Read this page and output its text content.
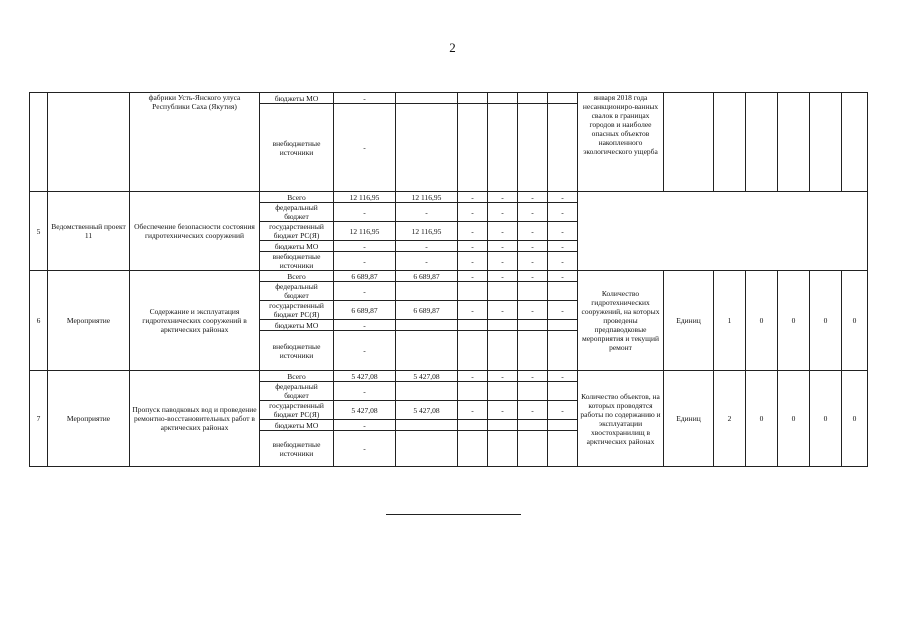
2
		фабрики Усть-Янского улуса Республики Саха (Якутия)	бюджеты МО	-						января 2018 года несанкциониро-ванных свалок в границах городов и наиболее опасных объектов накопленного экологического ущерба						
			внебюджетные источники	-												
5	Ведомственный проект 11	Обеспечение безопасности состояния гидротехнических сооружений	Всего	12 116,95	12 116,95	-	-	-	-							
			федеральный бюджет	-	-	-	-	-	-							
			государственный бюджет РС(Я)	12 116,95	12 116,95	-	-	-	-							
			бюджеты МО	-	-	-	-	-	-							
			внебюджетные источники	-	-	-	-	-	-							
6	Мероприятие	Содержание и эксплуатация гидротехнических сооружений в арктических районах	Всего	6 689,87	6 689,87	-	-	-	-	Количество гидротехнических сооружений, на которых проведены предпаводковые мероприятия и текущий ремонт	Единиц	1	0	0	0	0
			федеральный бюджет	-												
			государственный бюджет РС(Я)	6 689,87	6 689,87	-	-	-	-							
			бюджеты МО	-												
			внебюджетные источники	-												
7	Мероприятие	Пропуск паводковых вод и проведение ремонтно-восстановительных работ в арктических районах	Всего	5 427,08	5 427,08	-	-	-	-	Количество объектов, на которых проводятся работы по содержанию и эксплуатации хвостохранилищ в арктических районах	Единиц	2	0	0	0	0
			федеральный бюджет	-												
			государственный бюджет РС(Я)	5 427,08	5 427,08	-	-	-	-							
			бюджеты МО	-												
			внебюджетные источники	-												
